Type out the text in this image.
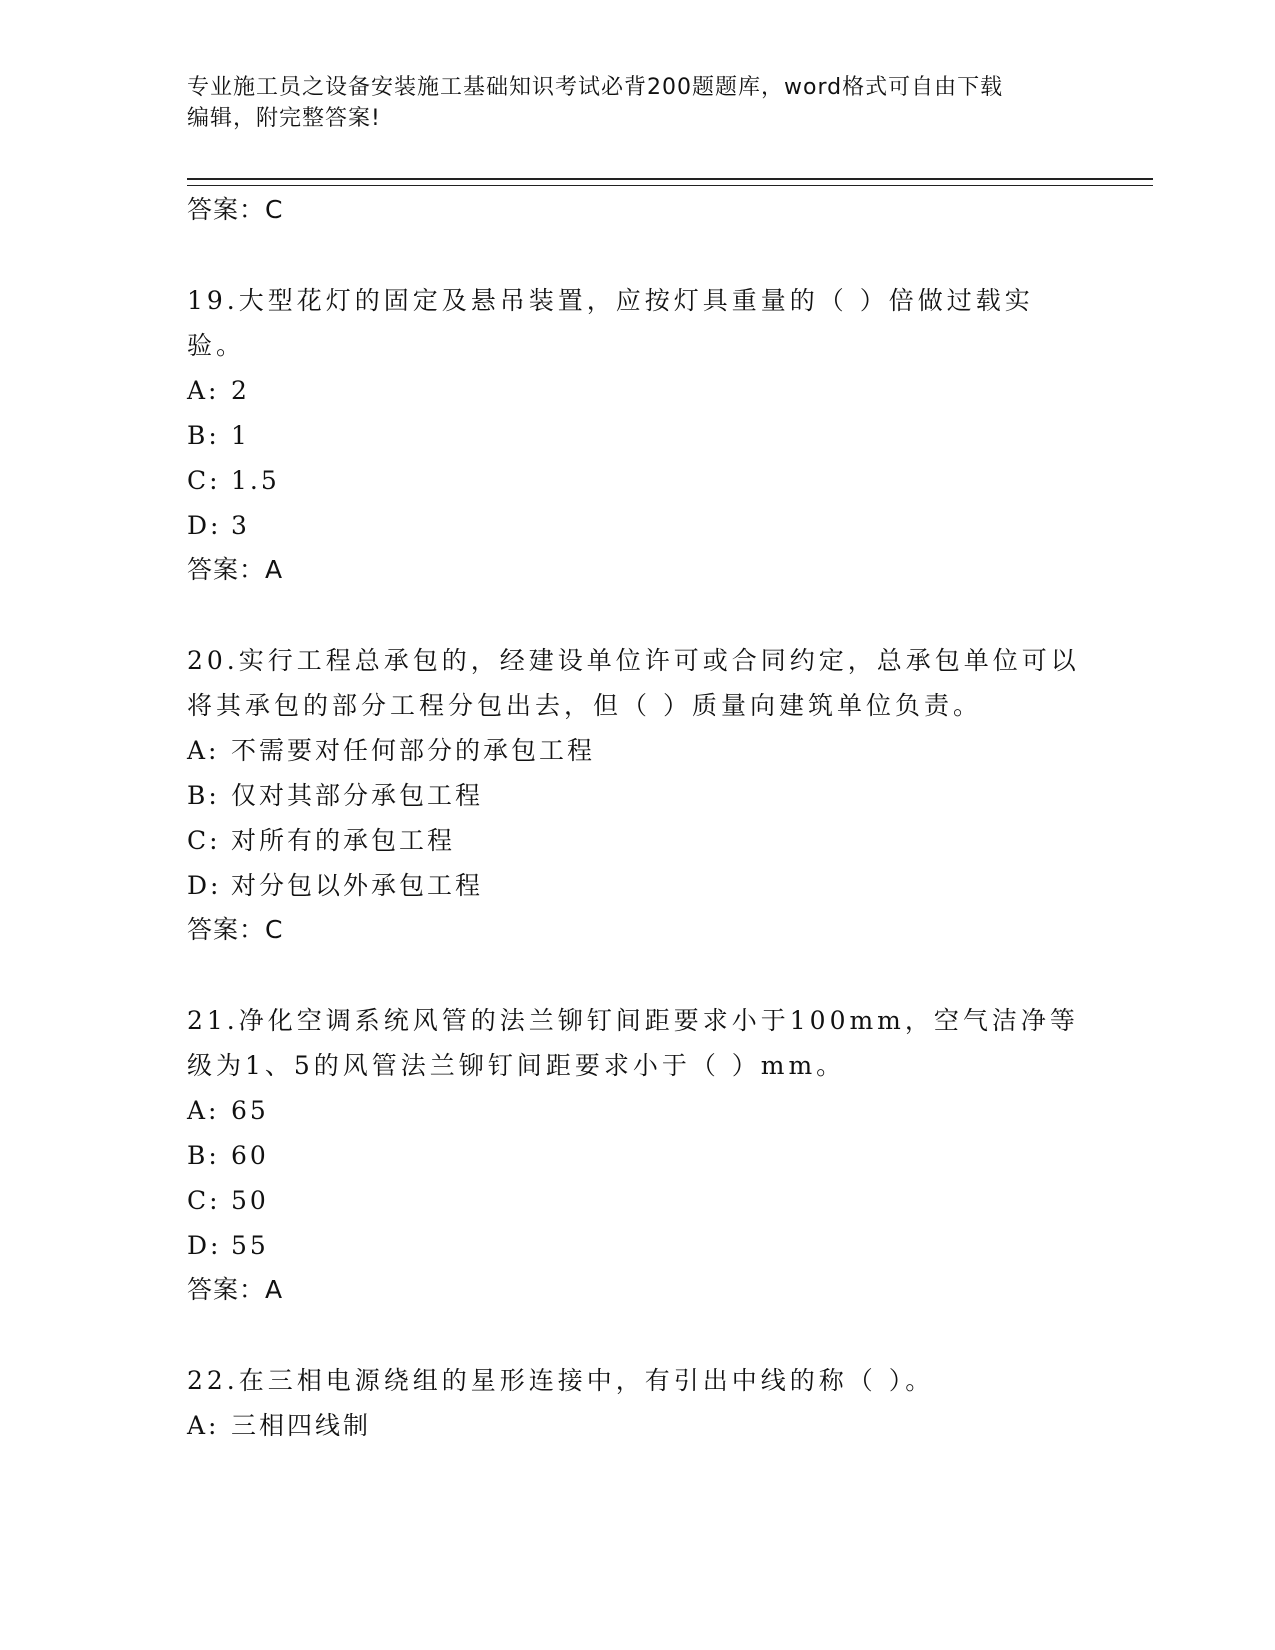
专业施工员之设备安装施工基础知识考试必背200题题库，word格式可自由下载
编辑，附完整答案!
答案：C

19.大型花灯的固定及悬吊装置，应按灯具重量的（ ）倍做过载实验。

A: 2
B: 1
C: 1.5
D: 3
答案：A

20.实行工程总承包的，经建设单位许可或合同约定，总承包单位可以将其承包的部分工程分包出去，但（ ）质量向建筑单位负责。

A: 不需要对任何部分的承包工程
B: 仅对其部分承包工程
C: 对所有的承包工程
D: 对分包以外承包工程
答案：C

21.净化空调系统风管的法兰铆钉间距要求小于100mm，空气洁净等级为1、5的风管法兰铆钉间距要求小于（ ）mm。

A: 65
B: 60
C: 50
D: 55
答案：A

22.在三相电源绕组的星形连接中，有引出中线的称（ ）。

A: 三相四线制
